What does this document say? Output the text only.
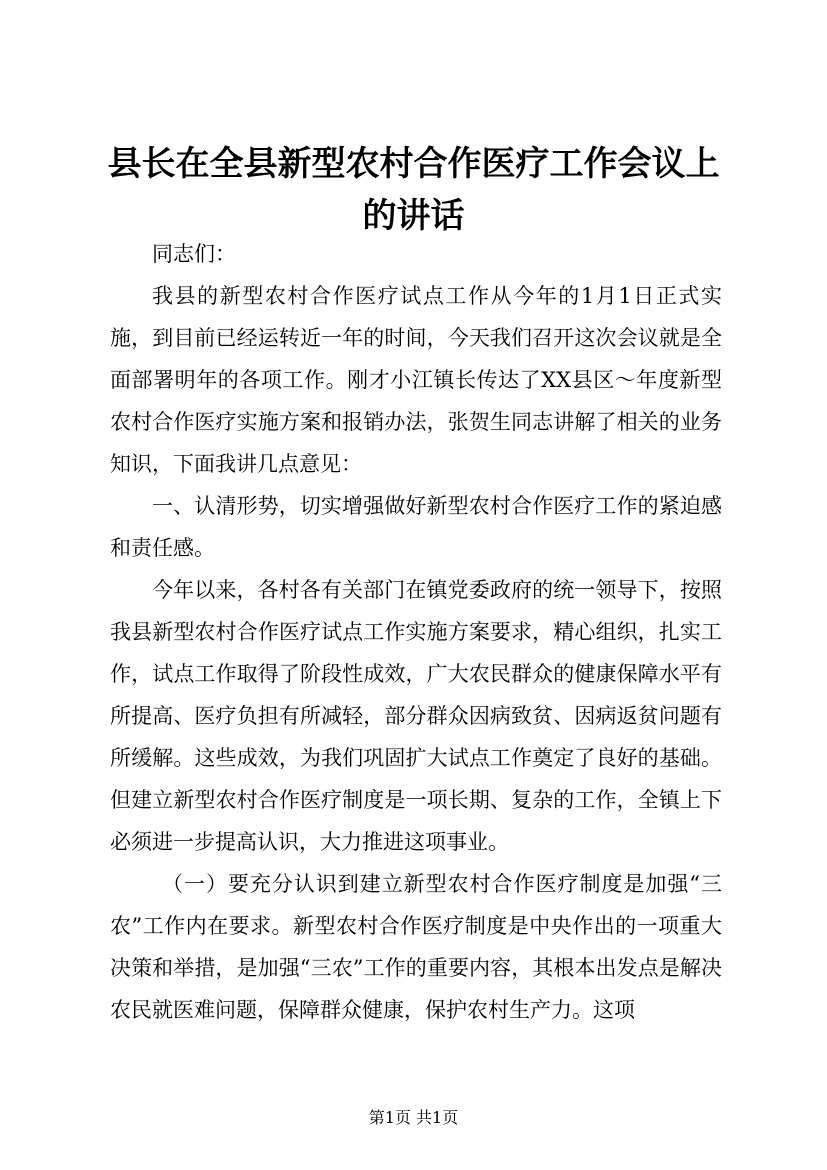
县长在全县新型农村合作医疗工作会议上的讲话

同志们：

我县的新型农村合作医疗试点工作从今年的1月1日正式实施，到目前已经运转近一年的时间，今天我们召开这次会议就是全面部署明年的各项工作。刚才小江镇长传达了XX县区～年度新型农村合作医疗实施方案和报销办法，张贺生同志讲解了相关的业务知识，下面我讲几点意见：

一、认清形势，切实增强做好新型农村合作医疗工作的紧迫感和责任感。

今年以来，各村各有关部门在镇党委政府的统一领导下，按照我县新型农村合作医疗试点工作实施方案要求，精心组织，扎实工作，试点工作取得了阶段性成效，广大农民群众的健康保障水平有所提高、医疗负担有所减轻，部分群众因病致贫、因病返贫问题有所缓解。这些成效，为我们巩固扩大试点工作奠定了良好的基础。但建立新型农村合作医疗制度是一项长期、复杂的工作，全镇上下必须进一步提高认识，大力推进这项事业。

（一）要充分认识到建立新型农村合作医疗制度是加强“三农”工作内在要求。新型农村合作医疗制度是中央作出的一项重大决策和举措，是加强“三农”工作的重要内容，其根本出发点是解决农民就医难问题，保障群众健康，保护农村生产力。这项

第1页 共1页
